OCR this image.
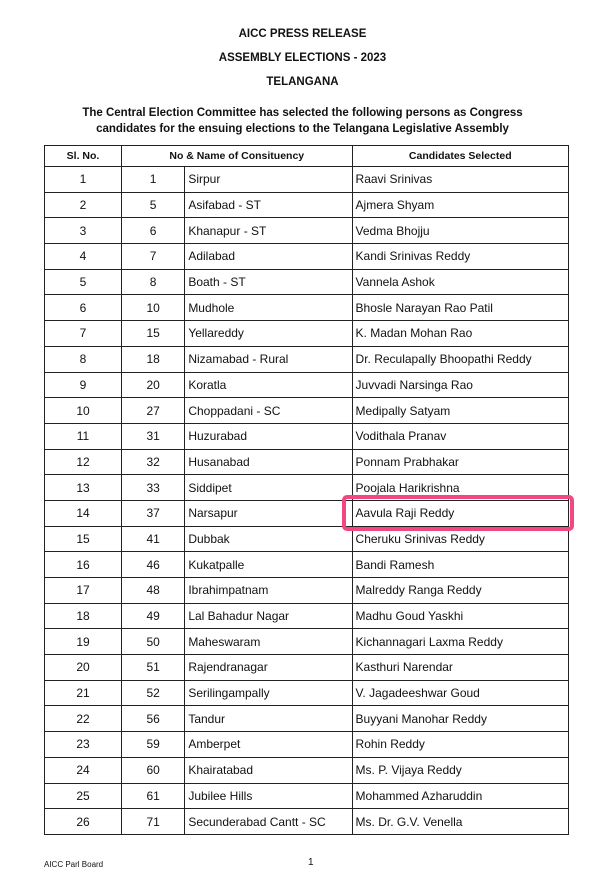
AICC PRESS RELEASE
ASSEMBLY ELECTIONS - 2023
TELANGANA
The Central Election Committee has selected the following persons as Congress
candidates for the ensuing elections to the Telangana Legislative Assembly
Sl. No.	No & Name of Consituency		Candidates Selected
1	1	Sirpur	Raavi Srinivas
2	5	Asifabad - ST	Ajmera Shyam
3	6	Khanapur - ST	Vedma Bhojju
4	7	Adilabad	Kandi Srinivas Reddy
5	8	Boath - ST	Vannela Ashok
6	10	Mudhole	Bhosle Narayan Rao Patil
7	15	Yellareddy	K. Madan Mohan Rao
8	18	Nizamabad - Rural	Dr. Reculapally Bhoopathi Reddy
9	20	Koratla	Juvvadi Narsinga Rao
10	27	Choppadani - SC	Medipally Satyam
11	31	Huzurabad	Vodithala Pranav
12	32	Husanabad	Ponnam Prabhakar
13	33	Siddipet	Poojala Harikrishna
14	37	Narsapur	Aavula Raji Reddy
15	41	Dubbak	Cheruku Srinivas Reddy
16	46	Kukatpalle	Bandi Ramesh
17	48	Ibrahimpatnam	Malreddy Ranga Reddy
18	49	Lal Bahadur Nagar	Madhu Goud Yaskhi
19	50	Maheswaram	Kichannagari Laxma Reddy
20	51	Rajendranagar	Kasthuri Narendar
21	52	Serilingampally	V. Jagadeeshwar Goud
22	56	Tandur	Buyyani Manohar Reddy
23	59	Amberpet	Rohin Reddy
24	60	Khairatabad	Ms. P. Vijaya Reddy
25	61	Jubilee Hills	Mohammed Azharuddin
26	71	Secunderabad Cantt - SC	Ms. Dr. G.V. Venella
AICC Parl Board	1
